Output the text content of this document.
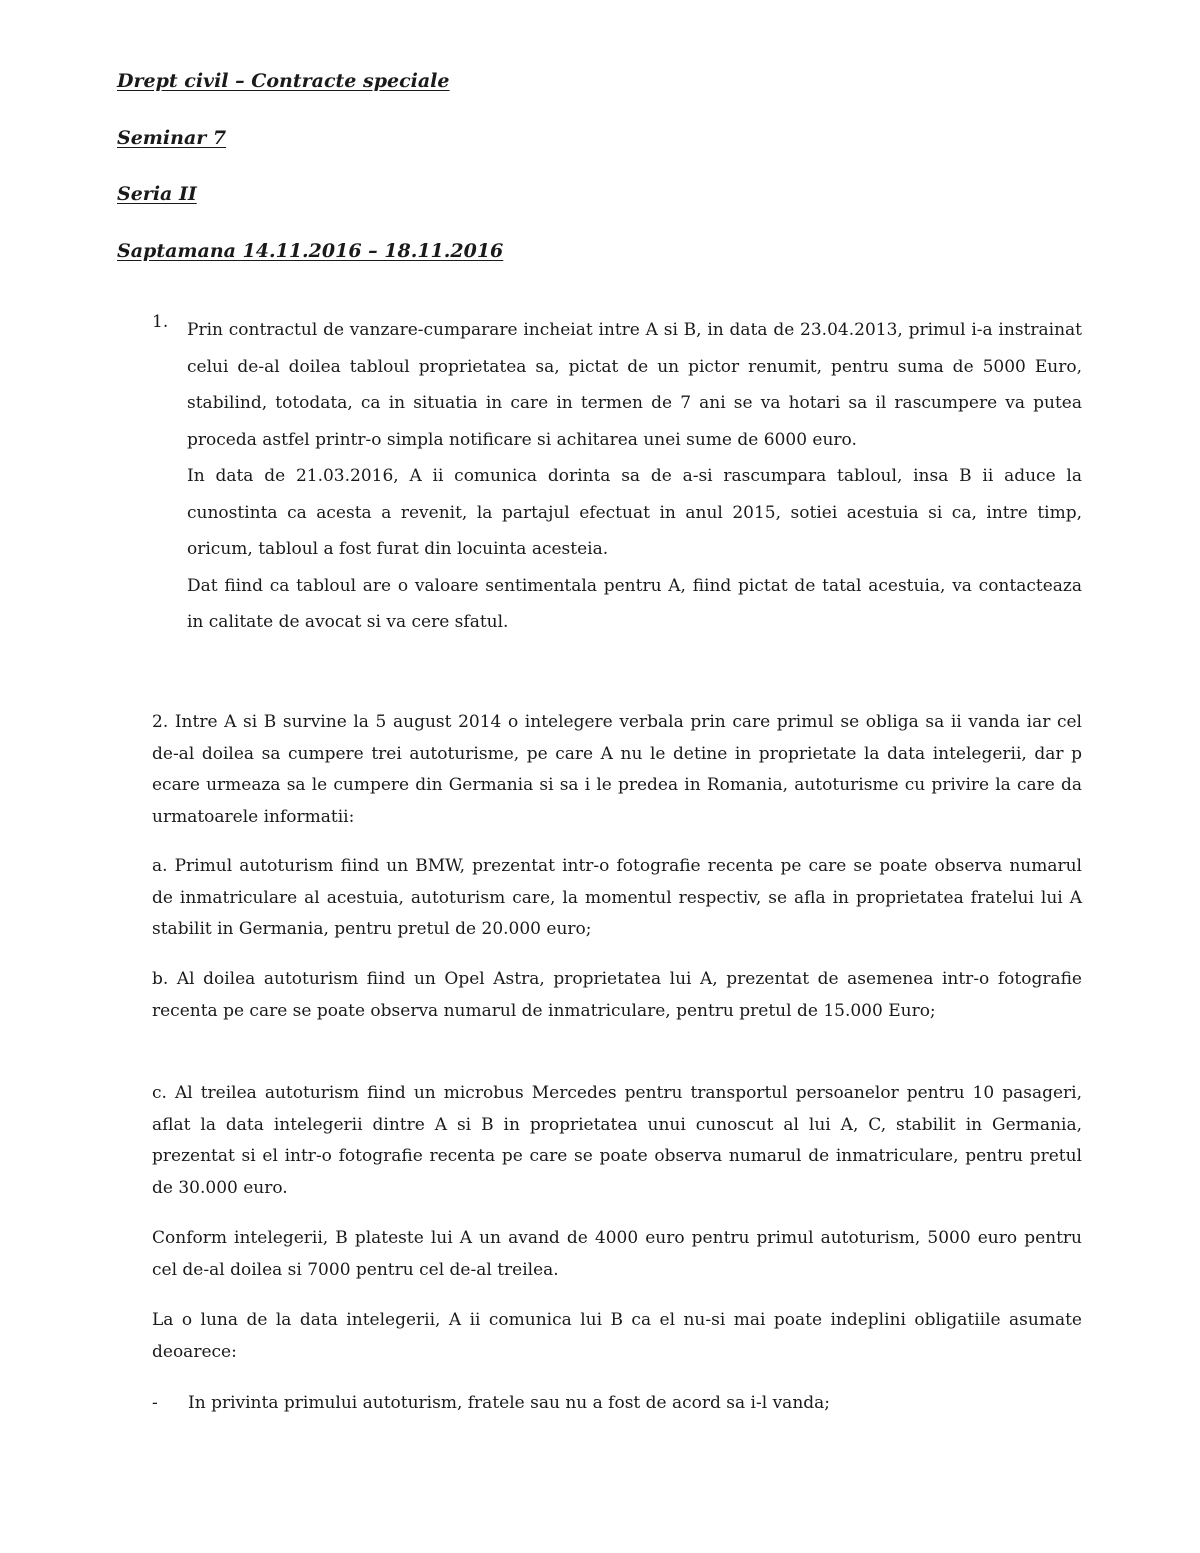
Drept civil – Contracte speciale
Seminar 7
Seria II
Saptamana 14.11.2016 – 18.11.2016
1. Prin contractul de vanzare-cumparare incheiat intre A si B, in data de 23.04.2013, primul i-a instrainat celui de-al doilea tabloul proprietatea sa, pictat de un pictor renumit, pentru suma de 5000 Euro, stabilind, totodata, ca in situatia in care in termen de 7 ani se va hotari sa il rascumpere va putea proceda astfel printr-o simpla notificare si achitarea unei sume de 6000 euro.

In data de 21.03.2016, A ii comunica dorinta sa de a-si rascumpara tabloul, insa B ii aduce la cunostinta ca acesta a revenit, la partajul efectuat in anul 2015, sotiei acestuia si ca, intre timp, oricum, tabloul a fost furat din locuinta acesteia.

Dat fiind ca tabloul are o valoare sentimentala pentru A, fiind pictat de tatal acestuia, va contacteaza in calitate de avocat si va cere sfatul.

2. Intre A si B survine la 5 august 2014 o intelegere verbala prin care primul se obliga sa ii vanda iar cel de-al doilea sa cumpere trei autoturisme, pe care A nu le detine in proprietate la data intelegerii, dar p ecare urmeaza sa le cumpere din Germania si sa i le predea in Romania, autoturisme cu privire la care da urmatoarele informatii:

a. Primul autoturism fiind un BMW, prezentat intr-o fotografie recenta pe care se poate observa numarul de inmatriculare al acestuia, autoturism care, la momentul respectiv, se afla in proprietatea fratelui lui A stabilit in Germania, pentru pretul de 20.000 euro;

b. Al doilea autoturism fiind un Opel Astra, proprietatea lui A, prezentat de asemenea intr-o fotografie recenta pe care se poate observa numarul de inmatriculare, pentru pretul de 15.000 Euro;

c. Al treilea autoturism fiind un microbus Mercedes pentru transportul persoanelor pentru 10 pasageri, aflat la data intelegerii dintre A si B in proprietatea unui cunoscut al lui A, C, stabilit in Germania, prezentat si el intr-o fotografie recenta pe care se poate observa numarul de inmatriculare, pentru pretul de 30.000 euro.

Conform intelegerii, B plateste lui A un avand de 4000 euro pentru primul autoturism, 5000 euro pentru cel de-al doilea si 7000 pentru cel de-al treilea.

La o luna de la data intelegerii, A ii comunica lui B ca el nu-si mai poate indeplini obligatiile asumate deoarece:

- In privinta primului autoturism, fratele sau nu a fost de acord sa i-l vanda;
